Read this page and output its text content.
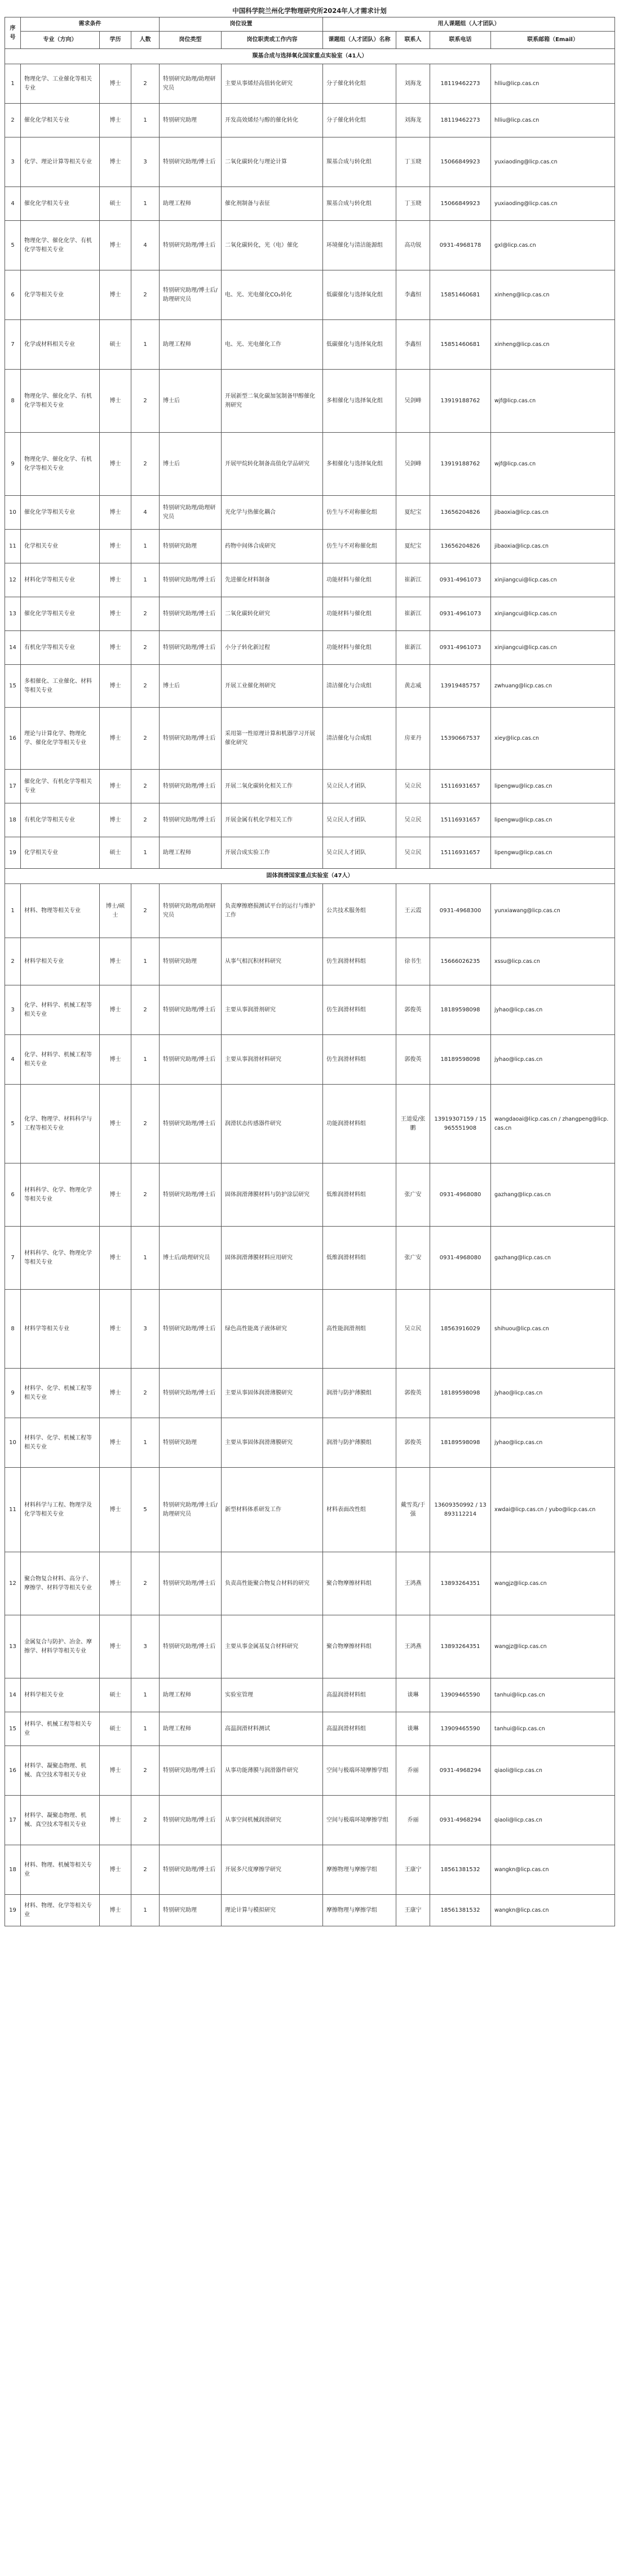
中国科学院兰州化学物理研究所2024年人才需求计划
序号	需求条件			岗位设置		用人课题组（人才团队）			
	专业（方向）	学历	人数	岗位类型	岗位职责或工作内容	课题组（人才团队）名称	联系人	联系电话	联系邮箱（Email）
羰基合成与选择氧化国家重点实验室（41人）									
1	物理化学、工业催化等相关专业	博士	2	特别研究助理/助理研究员	主要从事烯烃高值转化研究	分子催化转化组	刘海龙	18119462273	hlliu@licp.cas.cn
2	催化化学相关专业	博士	1	特别研究助理	开发高效烯烃与醇的催化转化	分子催化转化组	刘海龙	18119462273	hlliu@licp.cas.cn
3	化学、理论计算等相关专业	博士	3	特别研究助理/博士后	二氧化碳转化与理论计算	羰基合成与转化组	丁玉晓	15066849923	yuxiaoding@licp.cas.cn
4	催化化学相关专业	硕士	1	助理工程师	催化剂制备与表征	羰基合成与转化组	丁玉晓	15066849923	yuxiaoding@licp.cas.cn
5	物理化学、催化化学、有机化学等相关专业	博士	4	特别研究助理/博士后	二氧化碳转化，光（电）催化	环境催化与清洁能源组	高功锐	0931-4968178	gxl@licp.cas.cn
6	化学等相关专业	博士	2	特别研究助理/博士后/助理研究员	电、光、光电催化CO₂转化	低碳催化与选择氧化组	李鑫恒	15851460681	xinheng@licp.cas.cn
7	化学或材料相关专业	硕士	1	助理工程师	电、光、光电催化工作	低碳催化与选择氧化组	李鑫恒	15851460681	xinheng@licp.cas.cn
8	物理化学、催化化学、有机化学等相关专业	博士	2	博士后	开展新型二氧化碳加氢制备甲醇催化剂研究	多相催化与选择氧化组	吴剑峰	13919188762	wjf@licp.cas.cn
9	物理化学、催化化学、有机化学等相关专业	博士	2	博士后	开展甲烷转化制备高值化学品研究	多相催化与选择氧化组	吴剑峰	13919188762	wjf@licp.cas.cn
10	催化化学等相关专业	博士	4	特别研究助理/助理研究员	光化学与热催化耦合	仿生与不对称催化组	夏纪宝	13656204826	jibaoxia@licp.cas.cn
11	化学相关专业	博士	1	特别研究助理	药物中间体合成研究	仿生与不对称催化组	夏纪宝	13656204826	jibaoxia@licp.cas.cn
12	材料化学等相关专业	博士	1	特别研究助理/博士后	先进催化材料制备	功能材料与催化组	崔新江	0931-4961073	xinjiangcui@licp.cas.cn
13	催化化学等相关专业	博士	2	特别研究助理/博士后	二氧化碳转化研究	功能材料与催化组	崔新江	0931-4961073	xinjiangcui@licp.cas.cn
14	有机化学等相关专业	博士	2	特别研究助理/博士后	小分子转化新过程	功能材料与催化组	崔新江	0931-4961073	xinjiangcui@licp.cas.cn
15	多相催化、工业催化、材料等相关专业	博士	2	博士后	开展工业催化剂研究	清洁催化与合成组	黄志威	13919485757	zwhuang@licp.cas.cn
16	理论与计算化学、物理化学、催化化学等相关专业	博士	2	特别研究助理/博士后	采用第一性原理计算和机器学习开展催化研究	清洁催化与合成组	房亚丹	15390667537	xiey@licp.cas.cn
17	催化化学、有机化学等相关专业	博士	2	特别研究助理/博士后	开展二氧化碳转化相关工作	吴立民人才团队	吴立民	15116931657	lipengwu@licp.cas.cn
18	有机化学等相关专业	博士	2	特别研究助理/博士后	开展金属有机化学相关工作	吴立民人才团队	吴立民	15116931657	lipengwu@licp.cas.cn
19	化学相关专业	硕士	1	助理工程师	开展合成实验工作	吴立民人才团队	吴立民	15116931657	lipengwu@licp.cas.cn
固体润滑国家重点实验室（47人）									
1	材料、物理等相关专业	博士/硕士	2	特别研究助理/助理研究员	负责摩擦磨损测试平台的运行与维护工作	公共技术服务组	王云霞	0931-4968300	yunxiawang@licp.cas.cn
2	材料学相关专业	博士	1	特别研究助理	从事气相沉积材料研究	仿生润滑材料组	徐书生	15666026235	xssu@licp.cas.cn
3	化学、材料学、机械工程等相关专业	博士	2	特别研究助理/博士后	主要从事润滑剂研究	仿生润滑材料组	郭俊英	18189598098	jyhao@licp.cas.cn
4	化学、材料学、机械工程等相关专业	博士	1	特别研究助理/博士后	主要从事润滑材料研究	仿生润滑材料组	郭俊英	18189598098	jyhao@licp.cas.cn
5	化学、物理学、材料科学与工程等相关专业	博士	2	特别研究助理/博士后	润滑状态传感器件研究	功能润滑材料组	王道爱/张鹏	13919307159 / 15965551908	wangdaoai@licp.cas.cn / zhangpeng@licp.cas.cn
6	材料科学、化学、物理化学等相关专业	博士	2	特别研究助理/博士后	固体润滑薄膜材料与防护涂层研究	低维润滑材料组	张广安	0931-4968080	gazhang@licp.cas.cn
7	材料科学、化学、物理化学等相关专业	博士	1	博士后/助理研究员	固体润滑薄膜材料应用研究	低维润滑材料组	张广安	0931-4968080	gazhang@licp.cas.cn
8	材料学等相关专业	博士	3	特别研究助理/博士后	绿色高性能离子液体研究	高性能润滑剂组	吴立民	18563916029	shihuou@licp.cas.cn
9	材料学、化学、机械工程等相关专业	博士	2	特别研究助理/博士后	主要从事固体润滑薄膜研究	润滑与防护薄膜组	郭俊英	18189598098	jyhao@licp.cas.cn
10	材料学、化学、机械工程等相关专业	博士	1	特别研究助理	主要从事固体润滑薄膜研究	润滑与防护薄膜组	郭俊英	18189598098	jyhao@licp.cas.cn
11	材料科学与工程、物理学及化学等相关专业	博士	5	特别研究助理/博士后/助理研究员	新型材料体系研发工作	材料表面改性组	戴雪英/于强	13609350992 / 13893112214	xwdai@licp.cas.cn / yubo@licp.cas.cn
12	聚合物复合材料、高分子、摩擦学、材料学等相关专业	博士	2	特别研究助理/博士后	负责高性能聚合物复合材料的研究	聚合物摩擦材料组	王鸿燕	13893264351	wangjz@licp.cas.cn
13	金属复合与防护、冶金、摩擦学、材料学等相关专业	博士	3	特别研究助理/博士后	主要从事金属基复合材料研究	聚合物摩擦材料组	王鸿燕	13893264351	wangjz@licp.cas.cn
14	材料学相关专业	硕士	1	助理工程师	实验室管理	高温润滑材料组	谈琳	13909465590	tanhui@licp.cas.cn
15	材料学、机械工程等相关专业	硕士	1	助理工程师	高温润滑材料测试	高温润滑材料组	谈琳	13909465590	tanhui@licp.cas.cn
16	材料学、凝聚态物理、机械、真空技术等相关专业	博士	2	特别研究助理/博士后	从事功能薄膜与润滑器件研究	空间与极端环境摩擦学组	乔丽	0931-4968294	qiaoli@licp.cas.cn
17	材料学、凝聚态物理、机械、真空技术等相关专业	博士	2	特别研究助理/博士后	从事空间机械润滑研究	空间与极端环境摩擦学组	乔丽	0931-4968294	qiaoli@licp.cas.cn
18	材料、物理、机械等相关专业	博士	2	特别研究助理/博士后	开展多尺度摩擦学研究	摩擦物理与摩擦学组	王康宁	18561381532	wangkn@licp.cas.cn
19	材料、物理、化学等相关专业	博士	1	特别研究助理	理论计算与模拟研究	摩擦物理与摩擦学组	王康宁	18561381532	wangkn@licp.cas.cn
